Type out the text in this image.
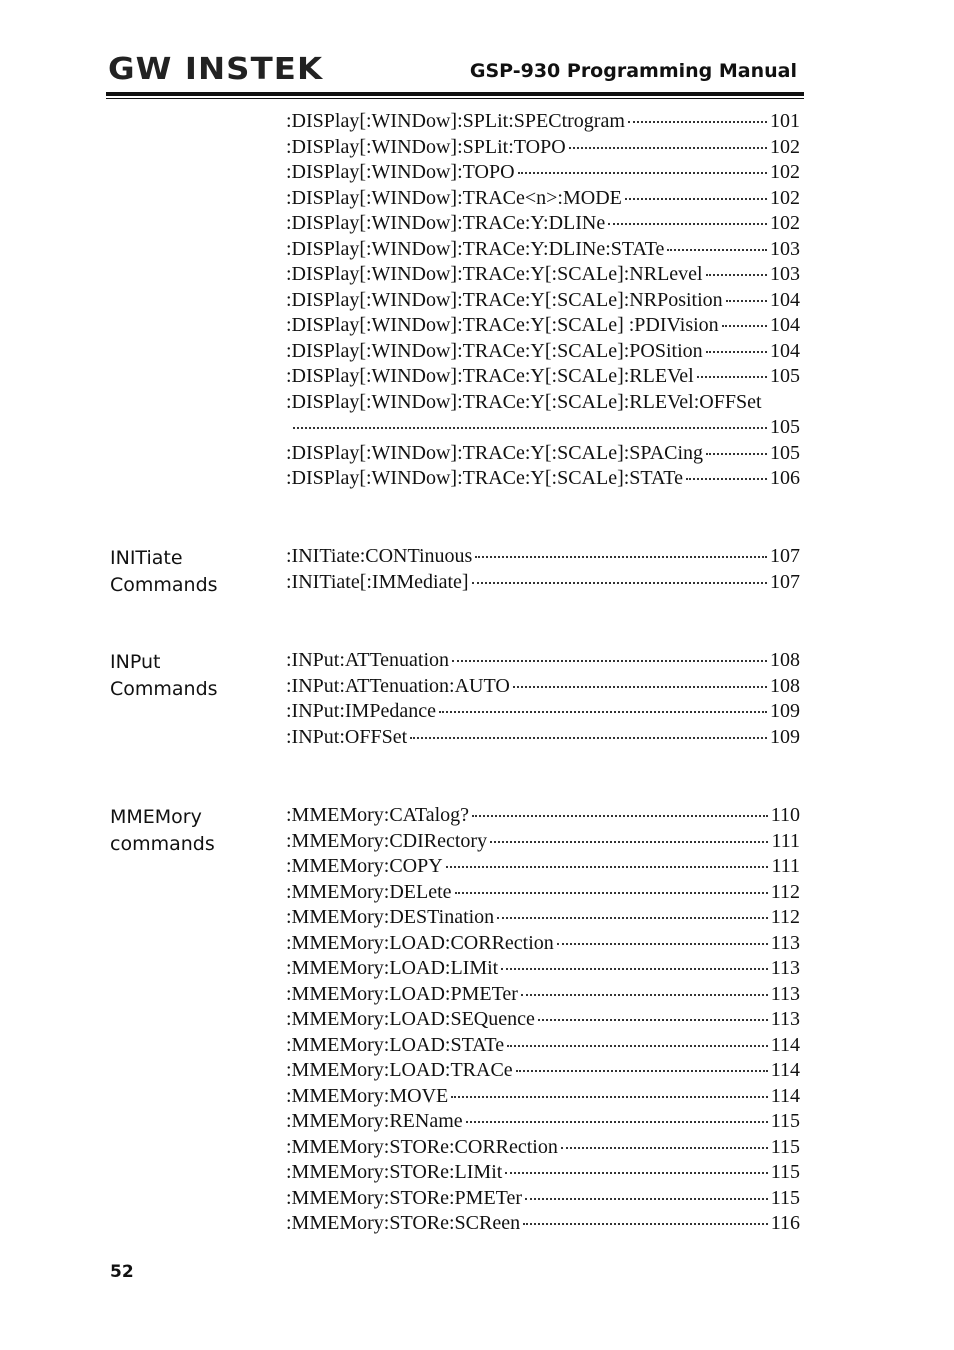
GW INSTEK	GSP-930 Programming Manual
INITiate
Commands
INPut
Commands
MMEMory
commands
:DISPlay[:WINDow]:SPLit:SPECtrogram	101
:DISPlay[:WINDow]:SPLit:TOPO	102
:DISPlay[:WINDow]:TOPO	102
:DISPlay[:WINDow]:TRACe<n>:MODE	102
:DISPlay[:WINDow]:TRACe:Y:DLINe	102
:DISPlay[:WINDow]:TRACe:Y:DLINe:STATe	103
:DISPlay[:WINDow]:TRACe:Y[:SCALe]:NRLevel	103
:DISPlay[:WINDow]:TRACe:Y[:SCALe]:NRPosition 104
:DISPlay[:WINDow]:TRACe:Y[:SCALe] :PDIVision	104
:DISPlay[:WINDow]:TRACe:Y[:SCALe]:POSition	104
:DISPlay[:WINDow]:TRACe:Y[:SCALe]:RLEVel	105
:DISPlay[:WINDow]:TRACe:Y[:SCALe]:RLEVel:OFFSet
105
:DISPlay[:WINDow]:TRACe:Y[:SCALe]:SPACing	105
:DISPlay[:WINDow]:TRACe:Y[:SCALe]:STATe	106
:INITiate:CONTinuous	107
:INITiate[:IMMediate]	107
:INPut:ATTenuation	108
:INPut:ATTenuation:AUTO	108
:INPut:IMPedance	109
:INPut:OFFSet	109
:MMEMory:CATalog?	110
:MMEMory:CDIRectory	111
:MMEMory:COPY	111
:MMEMory:DELete	112
:MMEMory:DESTination	112
:MMEMory:LOAD:CORRection	113
:MMEMory:LOAD:LIMit	113
:MMEMory:LOAD:PMETer	113
:MMEMory:LOAD:SEQuence	113
:MMEMory:LOAD:STATe	114
:MMEMory:LOAD:TRACe	114
:MMEMory:MOVE	114
:MMEMory:REName	115
:MMEMory:STORe:CORRection	115
:MMEMory:STORe:LIMit	115
:MMEMory:STORe:PMETer	115
:MMEMory:STORe:SCReen	116
52
